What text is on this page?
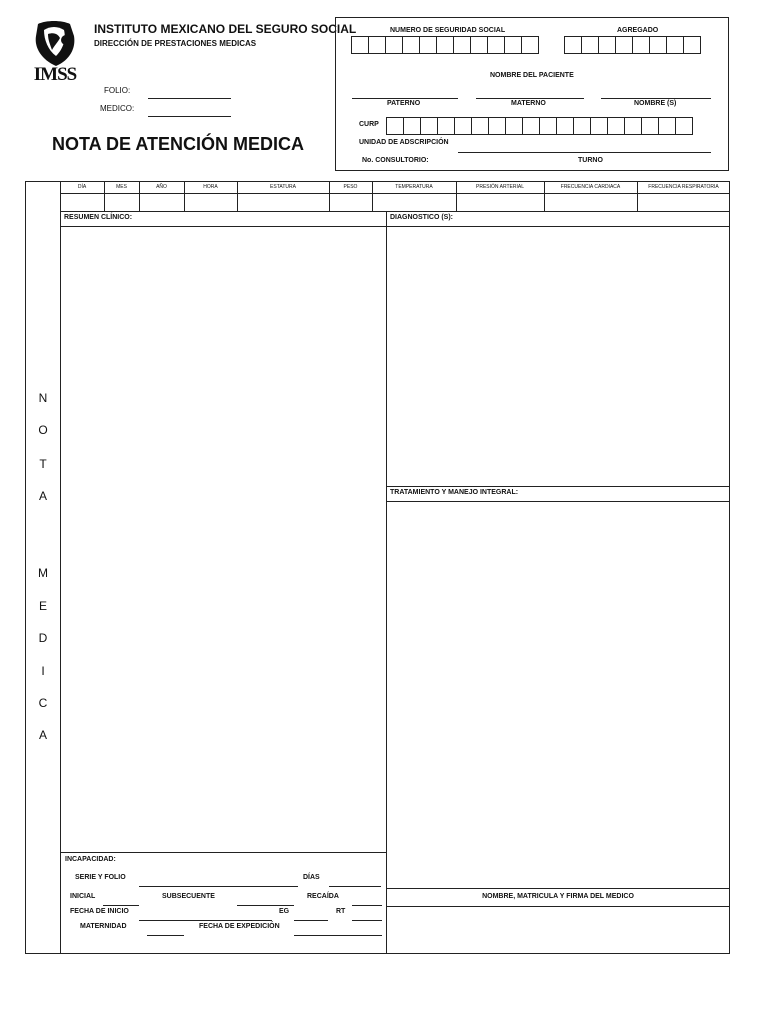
IMSS
INSTITUTO MEXICANO DEL SEGURO SOCIAL
DIRECCIÓN DE PRESTACIONES MEDICAS
FOLIO:
MEDICO:
NOTA DE ATENCIÓN MEDICA
NUMERO DE SEGURIDAD SOCIAL	AGREGADO
NOMBRE DEL PACIENTE
PATERNO	MATERNO	NOMBRE (S)
CURP
UNIDAD DE ADSCRIPCIÓN
No. CONSULTORIO:	TURNO
N
O
T
A
M
E
D
I
C
A
DÍA	MES	AÑO	HORA	ESTATURA	PESO	TEMPERATURA	PRESIÓN ARTERIAL	FRECUENCIA CARDIACA	FRECUENCIA RESPIRATORIA
RESUMEN CLÍNICO:	DIAGNOSTICO (S):
TRATAMIENTO Y MANEJO INTEGRAL:
NOMBRE, MATRICULA Y FIRMA DEL MEDICO
INCAPACIDAD:
SERIE Y FOLIO	DÍAS
INICIAL	SUBSECUENTE	RECAÍDA
FECHA DE INICIO	EG	RT
MATERNIDAD	FECHA DE EXPEDICIÓN
